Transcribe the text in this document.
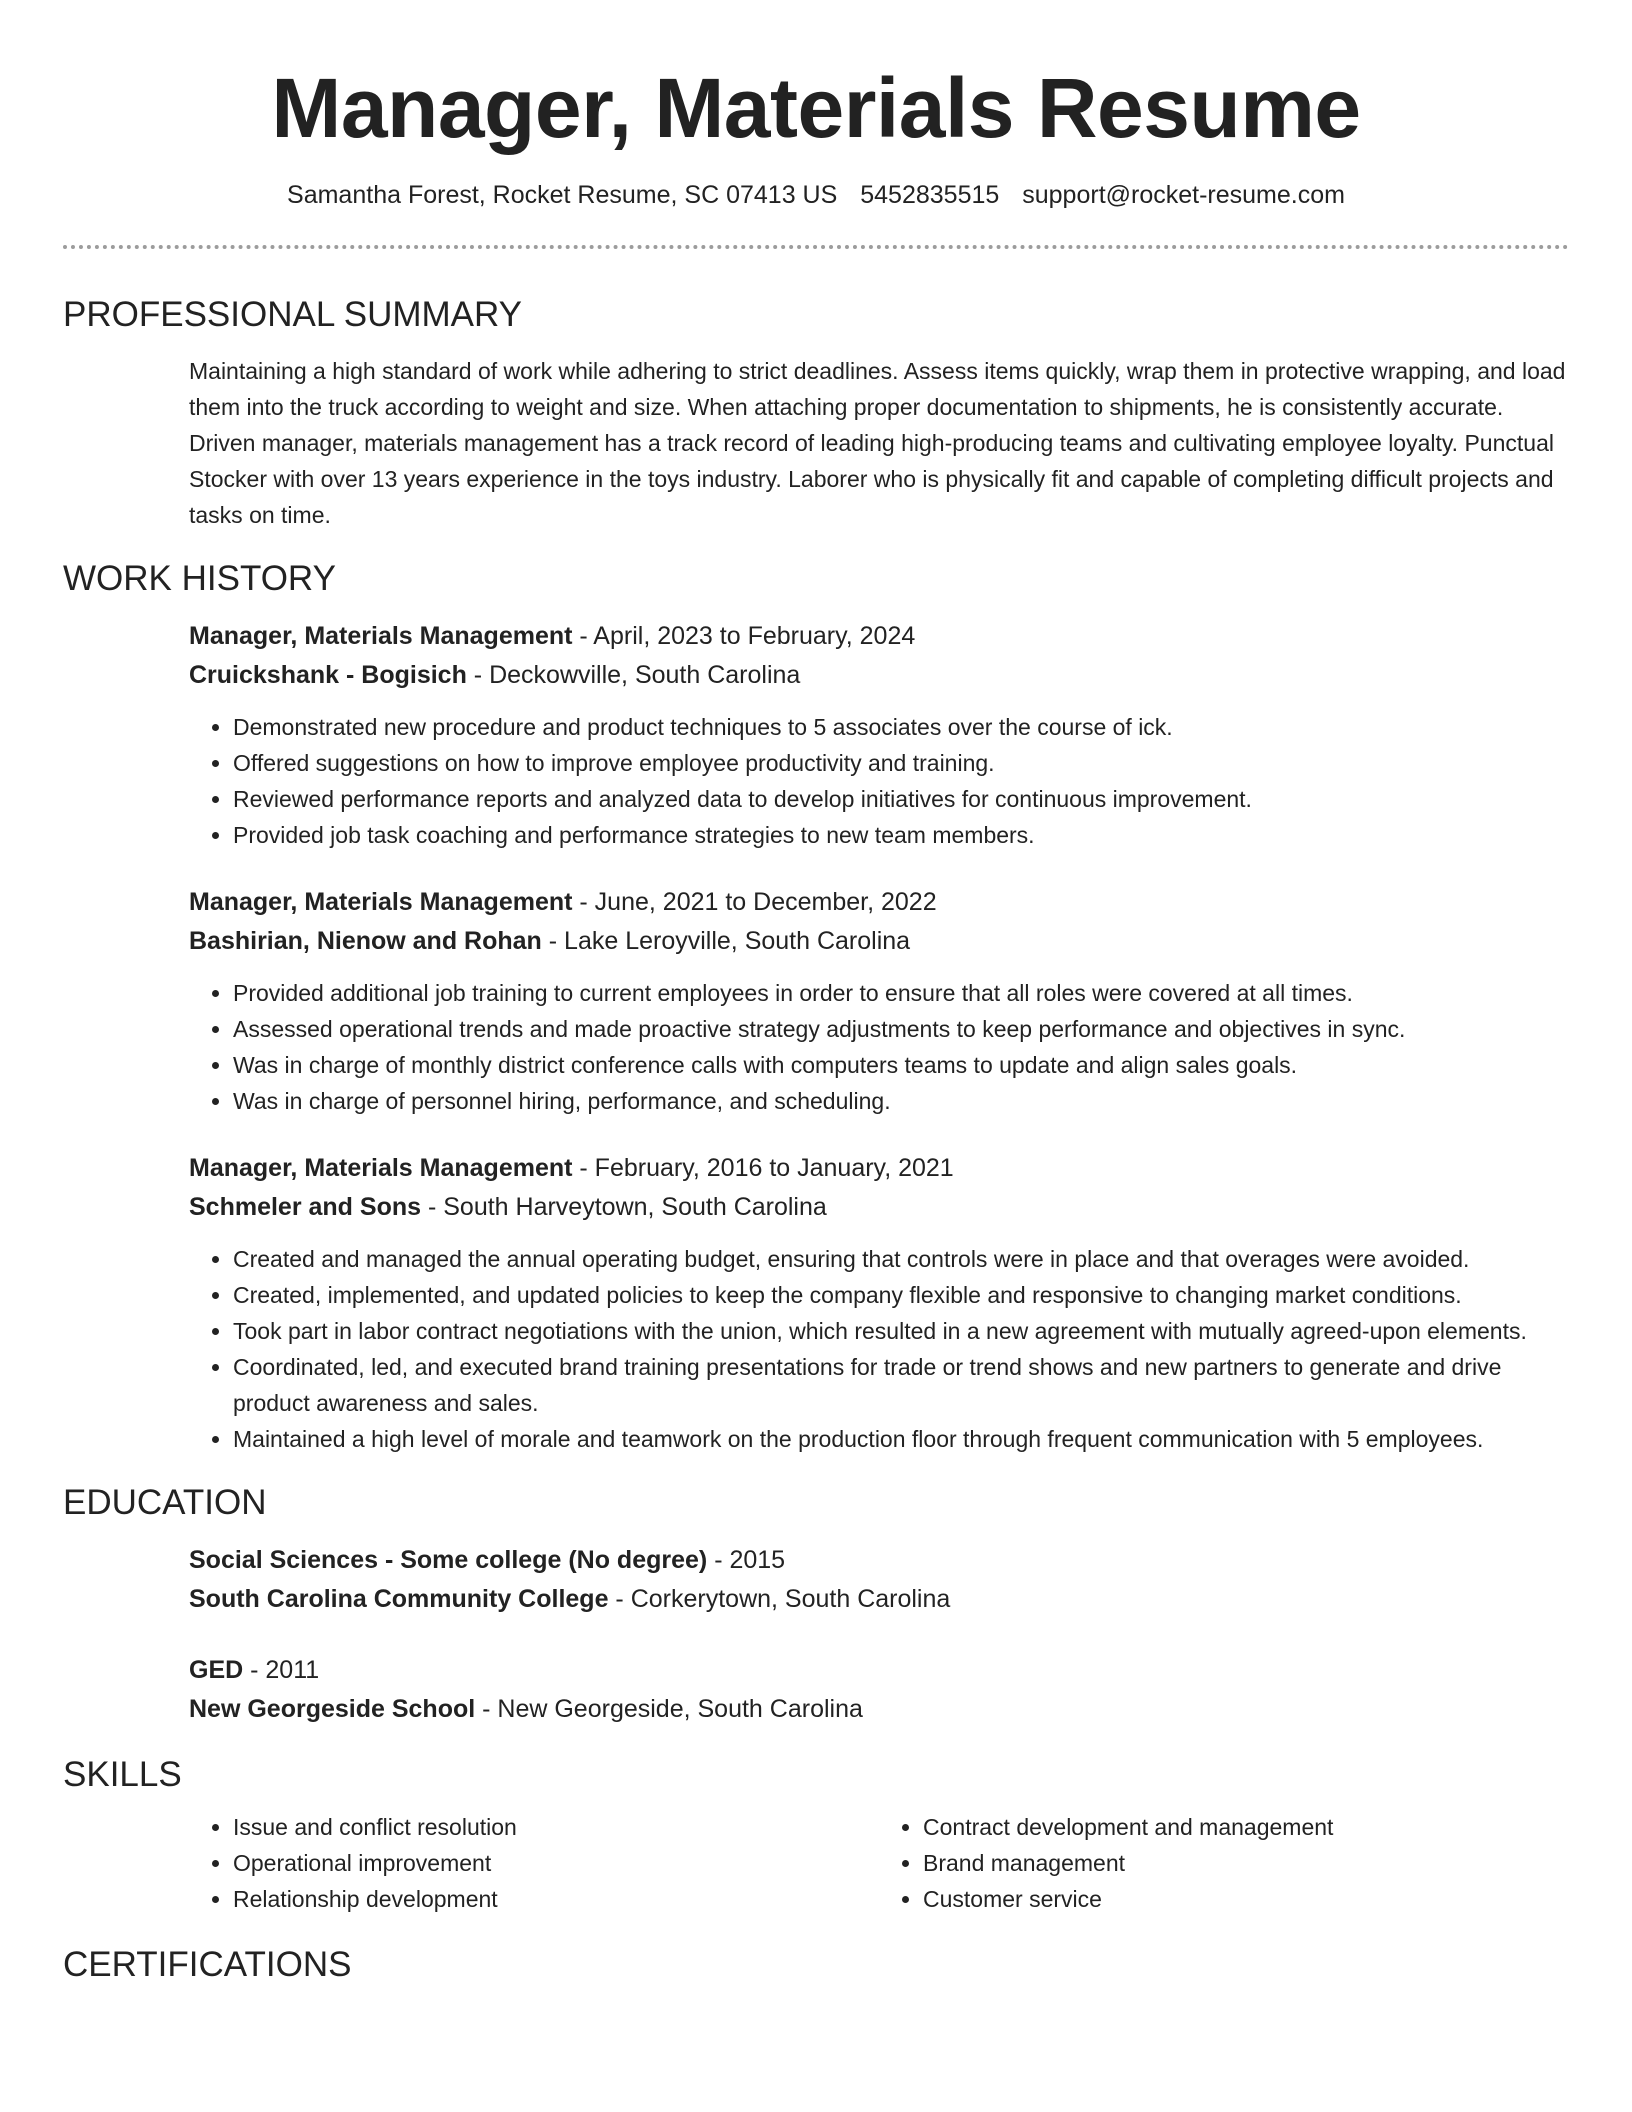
Manager, Materials Resume
Samantha Forest, Rocket Resume, SC 07413 US 5452835515 support@rocket-resume.com
PROFESSIONAL SUMMARY

Maintaining a high standard of work while adhering to strict deadlines. Assess items quickly, wrap them in protective wrapping, and load them into the truck according to weight and size. When attaching proper documentation to shipments, he is consistently accurate. Driven manager, materials management has a track record of leading high-producing teams and cultivating employee loyalty. Punctual Stocker with over 13 years experience in the toys industry. Laborer who is physically fit and capable of completing difficult projects and tasks on time.

WORK HISTORY

Manager, Materials Management - April, 2023 to February, 2024

Cruickshank - Bogisich - Deckowville, South Carolina

• Demonstrated new procedure and product techniques to 5 associates over the course of ick.
• Offered suggestions on how to improve employee productivity and training.
• Reviewed performance reports and analyzed data to develop initiatives for continuous improvement.
• Provided job task coaching and performance strategies to new team members.

Manager, Materials Management - June, 2021 to December, 2022

Bashirian, Nienow and Rohan - Lake Leroyville, South Carolina

• Provided additional job training to current employees in order to ensure that all roles were covered at all times.
• Assessed operational trends and made proactive strategy adjustments to keep performance and objectives in sync.
• Was in charge of monthly district conference calls with computers teams to update and align sales goals.
• Was in charge of personnel hiring, performance, and scheduling.

Manager, Materials Management - February, 2016 to January, 2021

Schmeler and Sons - South Harveytown, South Carolina

• Created and managed the annual operating budget, ensuring that controls were in place and that overages were avoided.
• Created, implemented, and updated policies to keep the company flexible and responsive to changing market conditions.
• Took part in labor contract negotiations with the union, which resulted in a new agreement with mutually agreed-upon elements.
• Coordinated, led, and executed brand training presentations for trade or trend shows and new partners to generate and drive product awareness and sales.
• Maintained a high level of morale and teamwork on the production floor through frequent communication with 5 employees.
EDUCATION

Social Sciences - Some college (No degree) - 2015

South Carolina Community College - Corkerytown, South Carolina

GED - 2011

New Georgeside School - New Georgeside, South Carolina

SKILLS
• Issue and conflict resolution
• Operational improvement
• Relationship development
• Contract development and management
• Brand management
• Customer service
CERTIFICATIONS
